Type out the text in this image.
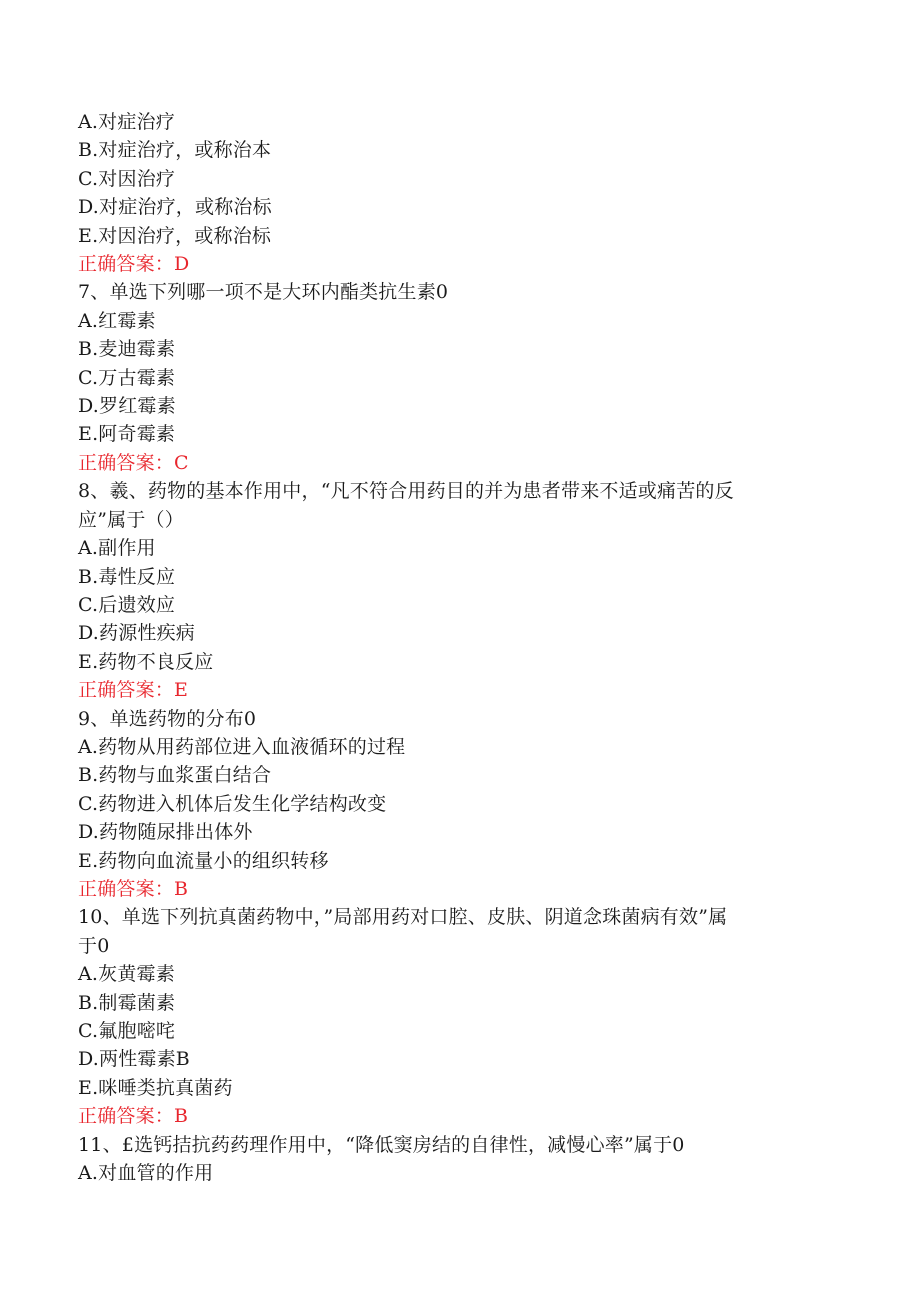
A.对症治疗
B.对症治疗，或称治本
C.对因治疗
D.对症治疗，或称治标
E.对因治疗，或称治标
正确答案：D
7、单选下列哪一项不是大环内酯类抗生素0
A.红霉素
B.麦迪霉素
C.万古霉素
D.罗红霉素
E.阿奇霉素
正确答案：C
8、羲、药物的基本作用中，“凡不符合用药目的并为患者带来不适或痛苦的反
应”属于（）
A.副作用
B.毒性反应
C.后遗效应
D.药源性疾病
E.药物不良反应
正确答案：E
9、单选药物的分布0
A.药物从用药部位进入血液循环的过程
B.药物与血浆蛋白结合
C.药物进入机体后发生化学结构改变
D.药物随尿排出体外
E.药物向血流量小的组织转移
正确答案：B
10、单选下列抗真菌药物中，”局部用药对口腔、皮肤、阴道念珠菌病有效”属
于0
A.灰黄霉素
B.制霉菌素
C.氟胞嘧咤
D.两性霉素B
E.咪唾类抗真菌药
正确答案：B
11、£选钙拮抗药药理作用中，“降低窦房结的自律性，减慢心率”属于0
A.对血管的作用
